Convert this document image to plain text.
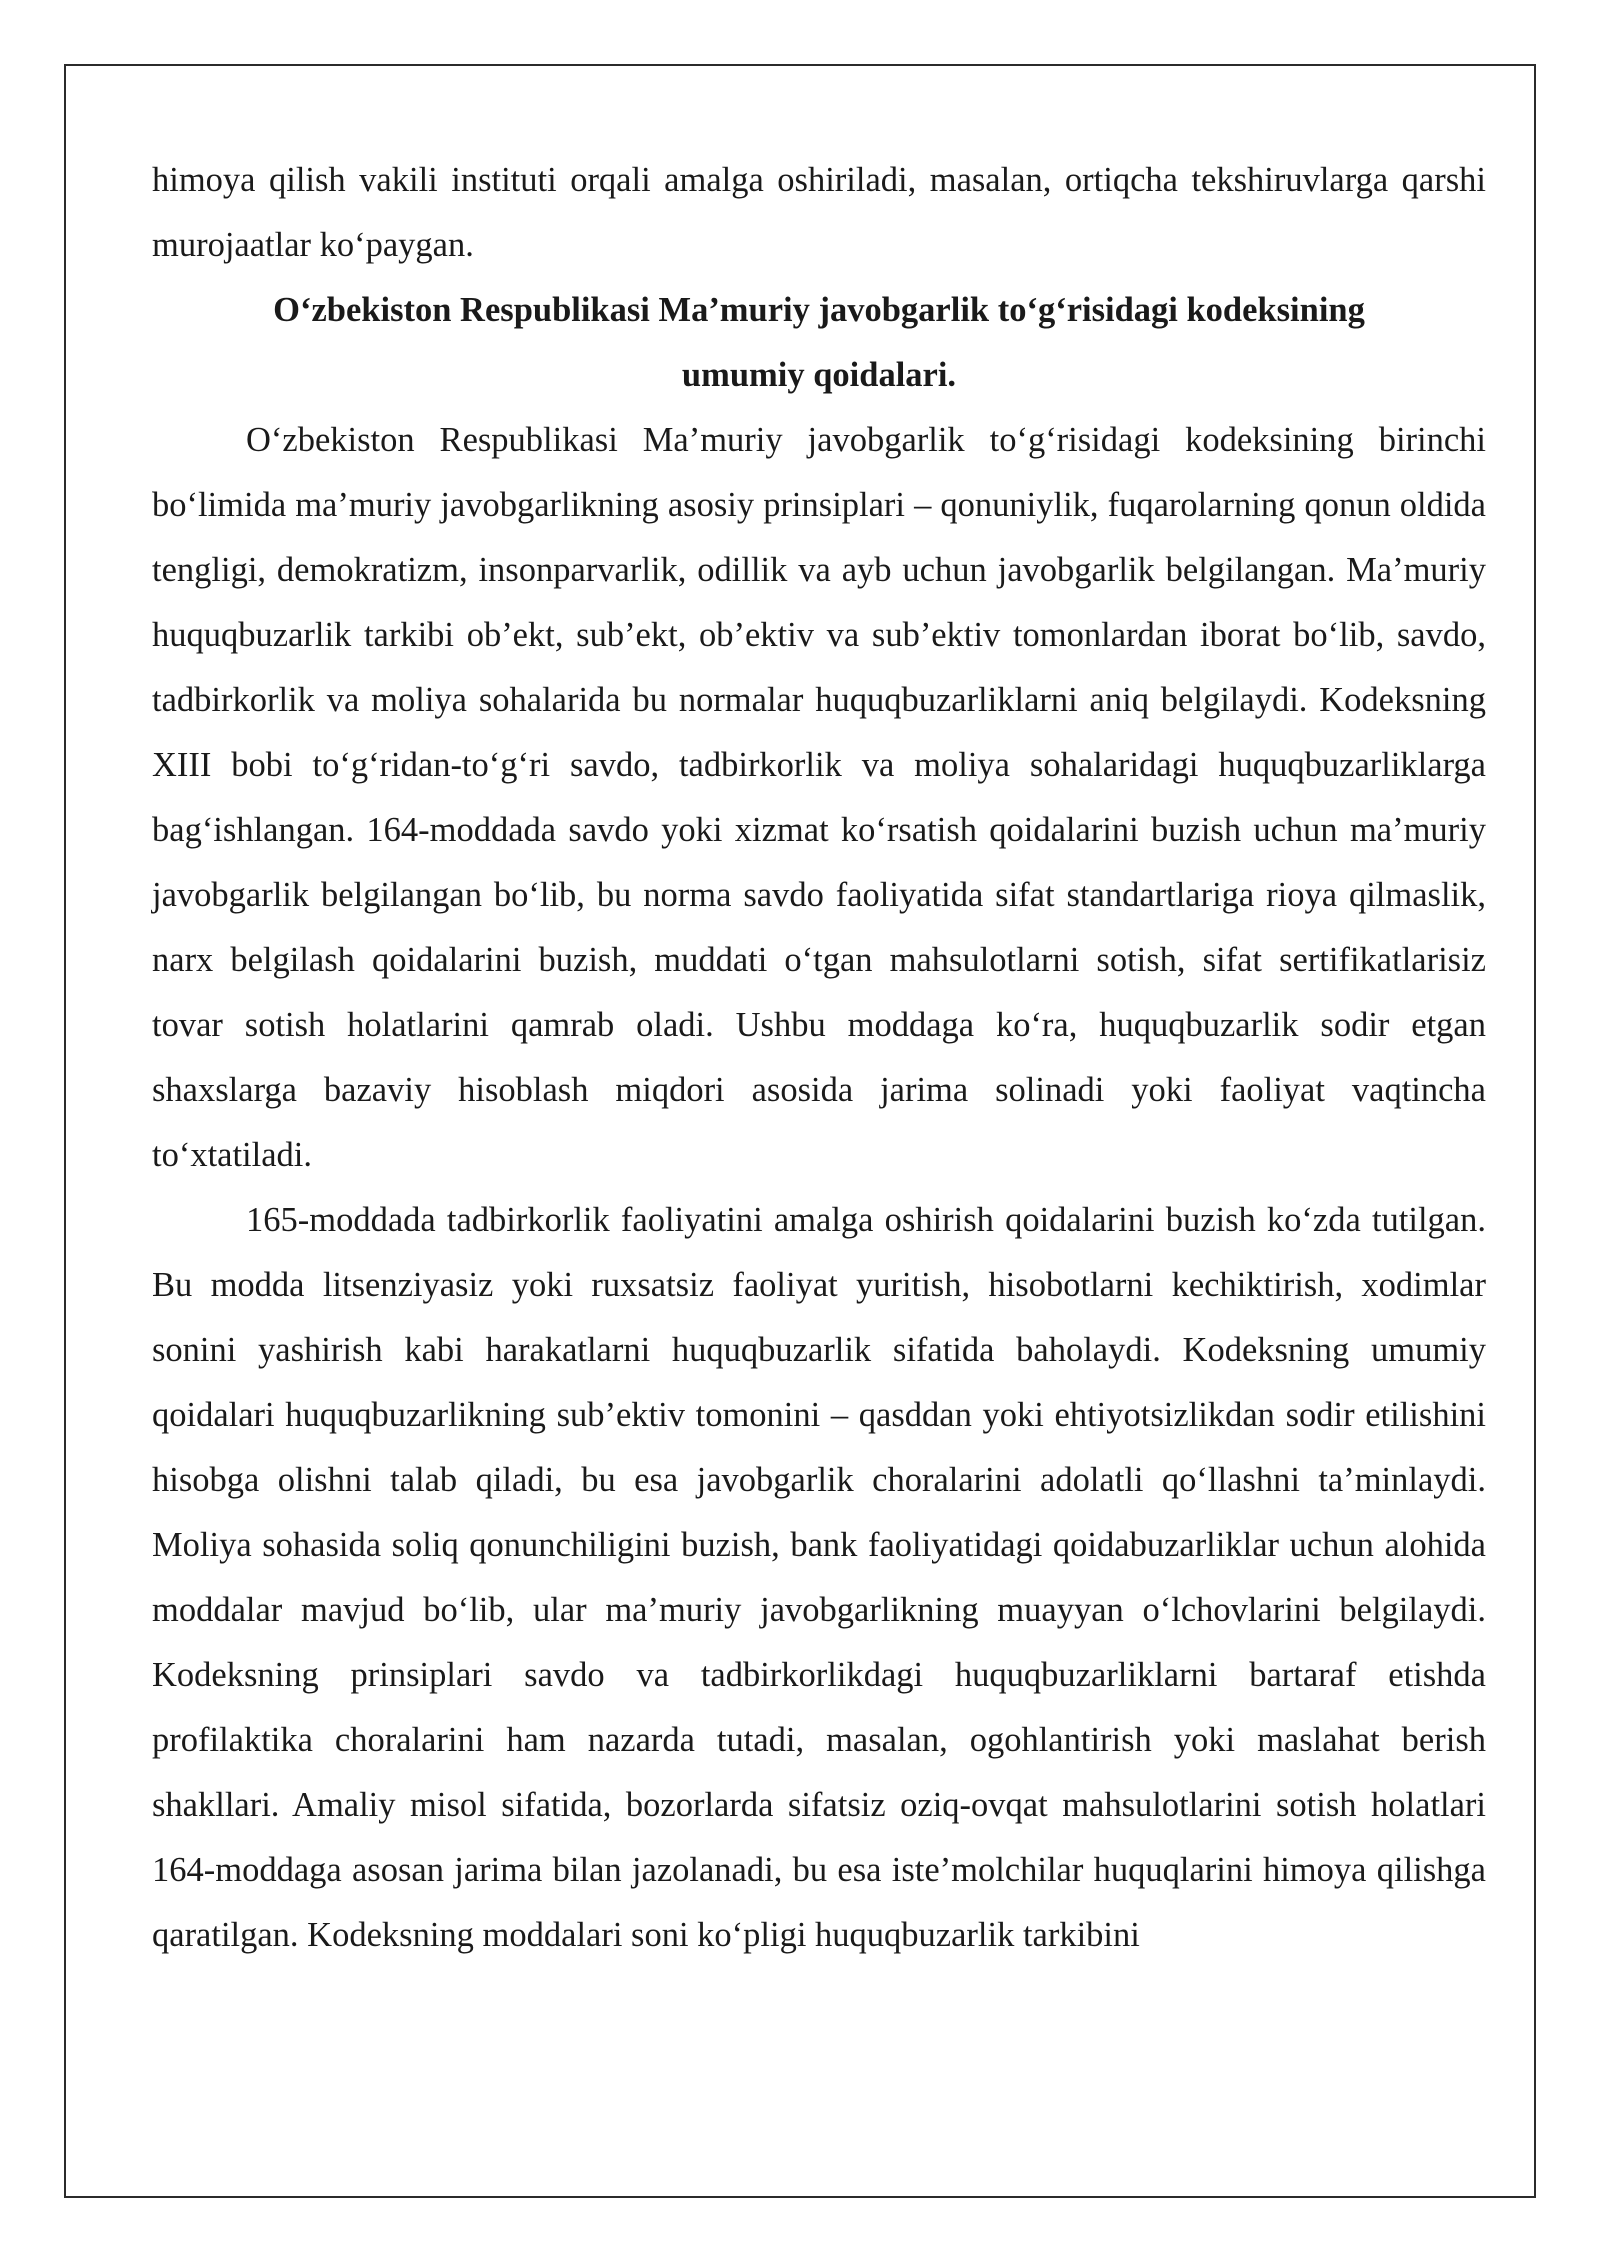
himoya qilish vakili instituti orqali amalga oshiriladi, masalan, ortiqcha tekshiruvlarga qarshi murojaatlar ko‘paygan.

O‘zbekiston Respublikasi Ma’muriy javobgarlik to‘g‘risidagi kodeksining umumiy qoidalari.

O‘zbekiston Respublikasi Ma’muriy javobgarlik to‘g‘risidagi kodeksining birinchi bo‘limida ma’muriy javobgarlikning asosiy prinsiplari – qonuniylik, fuqarolarning qonun oldida tengligi, demokratizm, insonparvarlik, odillik va ayb uchun javobgarlik belgilangan. Ma’muriy huquqbuzarlik tarkibi ob’ekt, sub’ekt, ob’ektiv va sub’ektiv tomonlardan iborat bo‘lib, savdo, tadbirkorlik va moliya sohalarida bu normalar huquqbuzarliklarni aniq belgilaydi. Kodeksning XIII bobi to‘g‘ridan-to‘g‘ri savdo, tadbirkorlik va moliya sohalaridagi huquqbuzarliklarga bag‘ishlangan. 164-moddada savdo yoki xizmat ko‘rsatish qoidalarini buzish uchun ma’muriy javobgarlik belgilangan bo‘lib, bu norma savdo faoliyatida sifat standartlariga rioya qilmaslik, narx belgilash qoidalarini buzish, muddati o‘tgan mahsulotlarni sotish, sifat sertifikatlarisiz tovar sotish holatlarini qamrab oladi. Ushbu moddaga ko‘ra, huquqbuzarlik sodir etgan shaxslarga bazaviy hisoblash miqdori asosida jarima solinadi yoki faoliyat vaqtincha to‘xtatiladi.

165-moddada tadbirkorlik faoliyatini amalga oshirish qoidalarini buzish ko‘zda tutilgan. Bu modda litsenziyasiz yoki ruxsatsiz faoliyat yuritish, hisobotlarni kechiktirish, xodimlar sonini yashirish kabi harakatlarni huquqbuzarlik sifatida baholaydi. Kodeksning umumiy qoidalari huquqbuzarlikning sub’ektiv tomonini – qasddan yoki ehtiyotsizlikdan sodir etilishini hisobga olishni talab qiladi, bu esa javobgarlik choralarini adolatli qo‘llashni ta’minlaydi. Moliya sohasida soliq qonunchiligini buzish, bank faoliyatidagi qoidabuzarliklar uchun alohida moddalar mavjud bo‘lib, ular ma’muriy javobgarlikning muayyan o‘lchovlarini belgilaydi. Kodeksning prinsiplari savdo va tadbirkorlikdagi huquqbuzarliklarni bartaraf etishda profilaktika choralarini ham nazarda tutadi, masalan, ogohlantirish yoki maslahat berish shakllari. Amaliy misol sifatida, bozorlarda sifatsiz oziq-ovqat mahsulotlarini sotish holatlari 164-moddaga asosan jarima bilan jazolanadi, bu esa iste’molchilar huquqlarini himoya qilishga qaratilgan. Kodeksning moddalari soni ko‘pligi huquqbuzarlik tarkibini
